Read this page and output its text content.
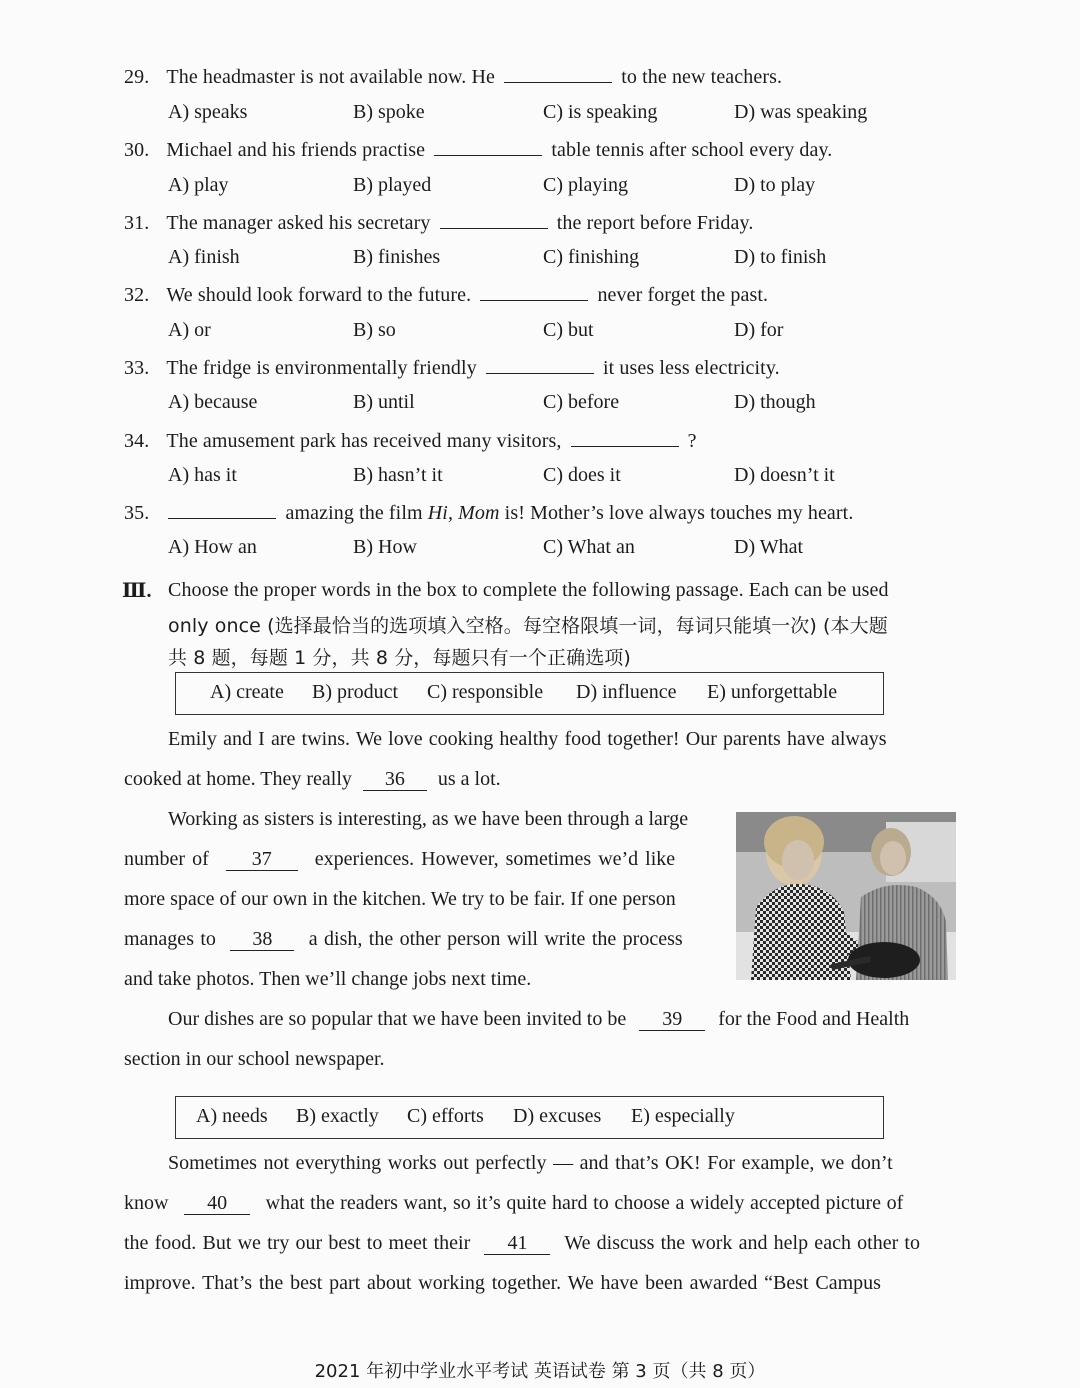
29. The headmaster is not available now. He	to the new teachers.
A) speaks	B) spoke	C) is speaking	D) was speaking
30. Michael and his friends practise	table tennis after school every day.
A) play	B) played	C) playing	D) to play
31. The manager asked his secretary	the report before Friday.
A) finish	B) finishes	C) finishing	D) to finish
32. We should look forward to the future.	never forget the past.
A) or	B) so	C) but	D) for
33. The fridge is environmentally friendly	it uses less electricity.
A) because	B) until	C) before	D) though
34. The amusement park has received many visitors,	?
A) has it	B) hasn’t it	C) does it	D) doesn’t it
35.	amazing the film Hi, Mom is! Mother’s love always touches my heart.
A) How an	B) How	C) What an	D) What
Ⅲ. Choose the proper words in the box to complete the following passage. Each can be used
only once (选择最恰当的选项填入空格。每空格限填一词，每词只能填一次) (本大题
共 8 题，每题 1 分，共 8 分，每题只有一个正确选项)
A) create B) product C) responsible D) influence E) unforgettable
Emily and I are twins. We love cooking healthy food together! Our parents have always
cooked at home. They really 36 us a lot.
Working as sisters is interesting, as we have been through a large
number of 37 experiences. However, sometimes we’d like
more space of our own in the kitchen. We try to be fair. If one person
manages to 38 a dish, the other person will write the process
and take photos. Then we’ll change jobs next time.
Our dishes are so popular that we have been invited to be 39 for the Food and Health
section in our school newspaper.
A) needs B) exactly C) efforts D) excuses E) especially
Sometimes not everything works out perfectly — and that’s OK! For example, we don’t
know 40 what the readers want, so it’s quite hard to choose a widely accepted picture of
the food. But we try our best to meet their 41 We discuss the work and help each other to
improve. That’s the best part about working together. We have been awarded “Best Campus
2021 年初中学业水平考试 英语试卷 第 3 页（共 8 页）
